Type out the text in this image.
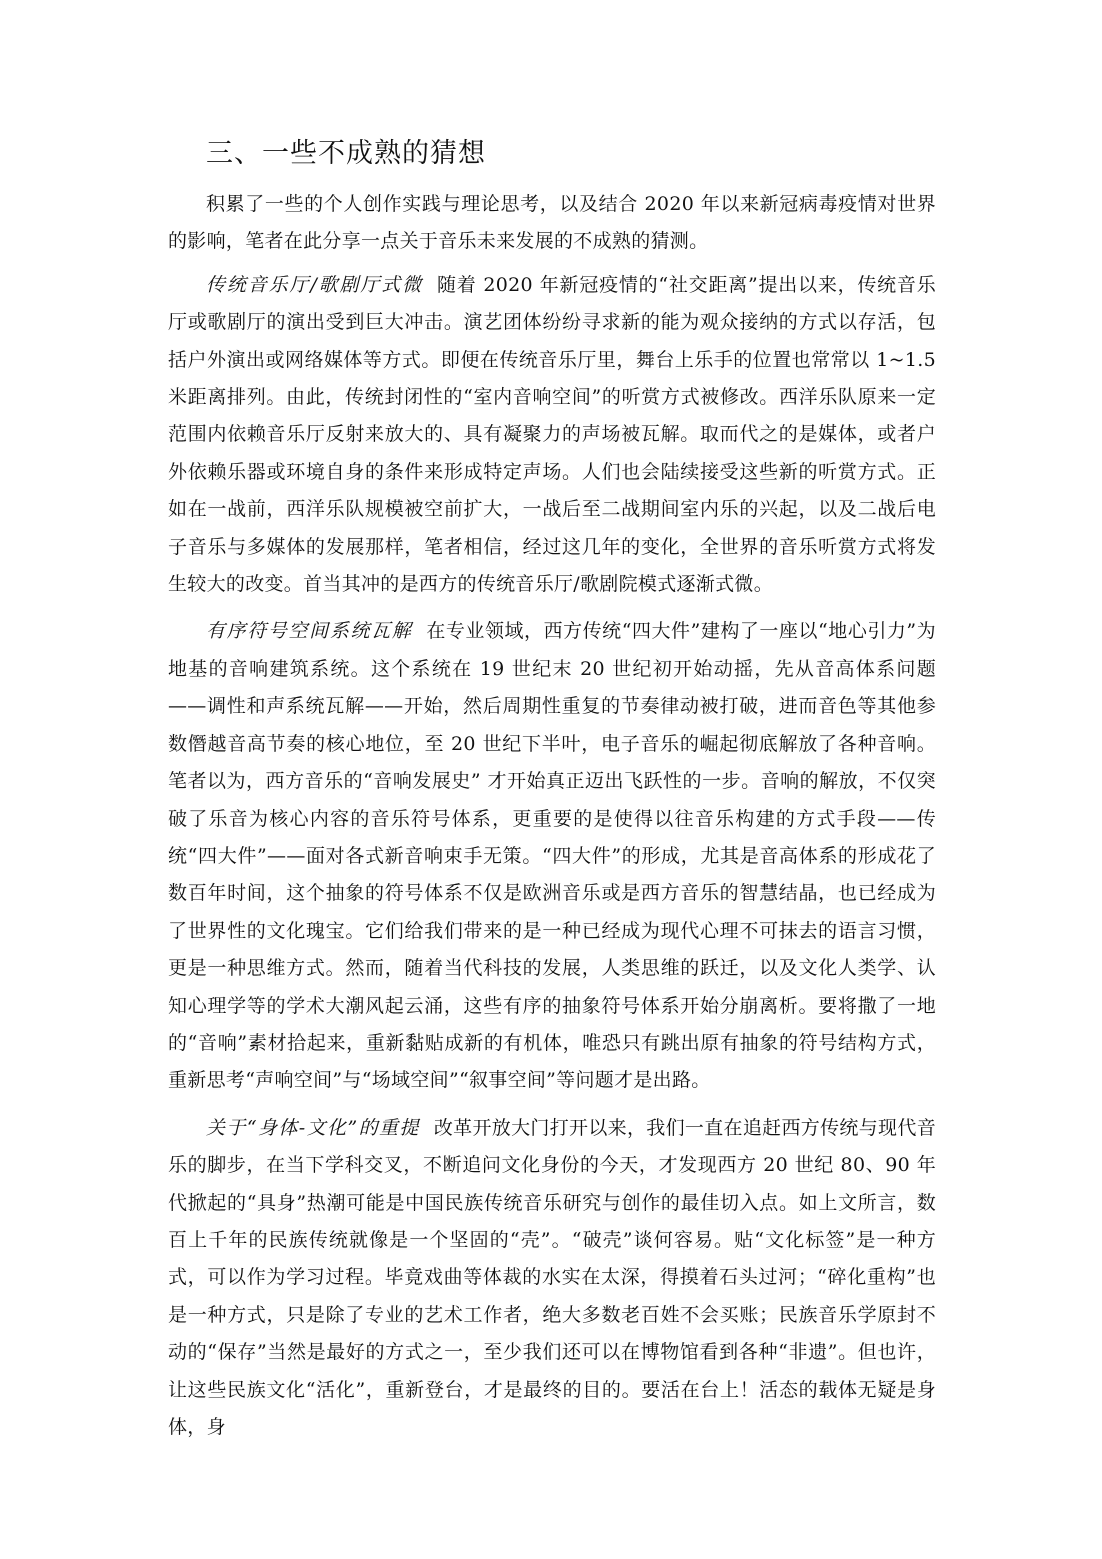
三、一些不成熟的猜想

积累了一些的个人创作实践与理论思考，以及结合 2020 年以来新冠病毒疫情对世界的影响，笔者在此分享一点关于音乐未来发展的不成熟的猜测。

传统音乐厅/歌剧厅式微 随着 2020 年新冠疫情的“社交距离”提出以来，传统音乐厅或歌剧厅的演出受到巨大冲击。演艺团体纷纷寻求新的能为观众接纳的方式以存活，包括户外演出或网络媒体等方式。即便在传统音乐厅里，舞台上乐手的位置也常常以 1~1.5 米距离排列。由此，传统封闭性的“室内音响空间”的听赏方式被修改。西洋乐队原来一定范围内依赖音乐厅反射来放大的、具有凝聚力的声场被瓦解。取而代之的是媒体，或者户外依赖乐器或环境自身的条件来形成特定声场。人们也会陆续接受这些新的听赏方式。正如在一战前，西洋乐队规模被空前扩大，一战后至二战期间室内乐的兴起，以及二战后电子音乐与多媒体的发展那样，笔者相信，经过这几年的变化，全世界的音乐听赏方式将发生较大的改变。首当其冲的是西方的传统音乐厅/歌剧院模式逐渐式微。

有序符号空间系统瓦解 在专业领域，西方传统“四大件”建构了一座以“地心引力”为地基的音响建筑系统。这个系统在 19 世纪末 20 世纪初开始动摇，先从音高体系问题——调性和声系统瓦解——开始，然后周期性重复的节奏律动被打破，进而音色等其他参数僭越音高节奏的核心地位，至 20 世纪下半叶，电子音乐的崛起彻底解放了各种音响。笔者以为，西方音乐的“音响发展史” 才开始真正迈出飞跃性的一步。音响的解放，不仅突破了乐音为核心内容的音乐符号体系，更重要的是使得以往音乐构建的方式手段——传统“四大件”——面对各式新音响束手无策。“四大件”的形成，尤其是音高体系的形成花了数百年时间，这个抽象的符号体系不仅是欧洲音乐或是西方音乐的智慧结晶，也已经成为了世界性的文化瑰宝。它们给我们带来的是一种已经成为现代心理不可抹去的语言习惯，更是一种思维方式。然而，随着当代科技的发展，人类思维的跃迁，以及文化人类学、认知心理学等的学术大潮风起云涌，这些有序的抽象符号体系开始分崩离析。要将撒了一地的“音响”素材拾起来，重新黏贴成新的有机体，唯恐只有跳出原有抽象的符号结构方式，重新思考“声响空间”与“场域空间”“叙事空间”等问题才是出路。

关于“身体-文化”的重提 改革开放大门打开以来，我们一直在追赶西方传统与现代音乐的脚步，在当下学科交叉，不断追问文化身份的今天，才发现西方 20 世纪 80、90 年代掀起的“具身”热潮可能是中国民族传统音乐研究与创作的最佳切入点。如上文所言，数百上千年的民族传统就像是一个坚固的“壳”。“破壳”谈何容易。贴“文化标签”是一种方式，可以作为学习过程。毕竟戏曲等体裁的水实在太深，得摸着石头过河；“碎化重构”也是一种方式，只是除了专业的艺术工作者，绝大多数老百姓不会买账；民族音乐学原封不动的“保存”当然是最好的方式之一，至少我们还可以在博物馆看到各种“非遗”。但也许，让这些民族文化“活化”，重新登台，才是最终的目的。要活在台上！活态的载体无疑是身体，身
